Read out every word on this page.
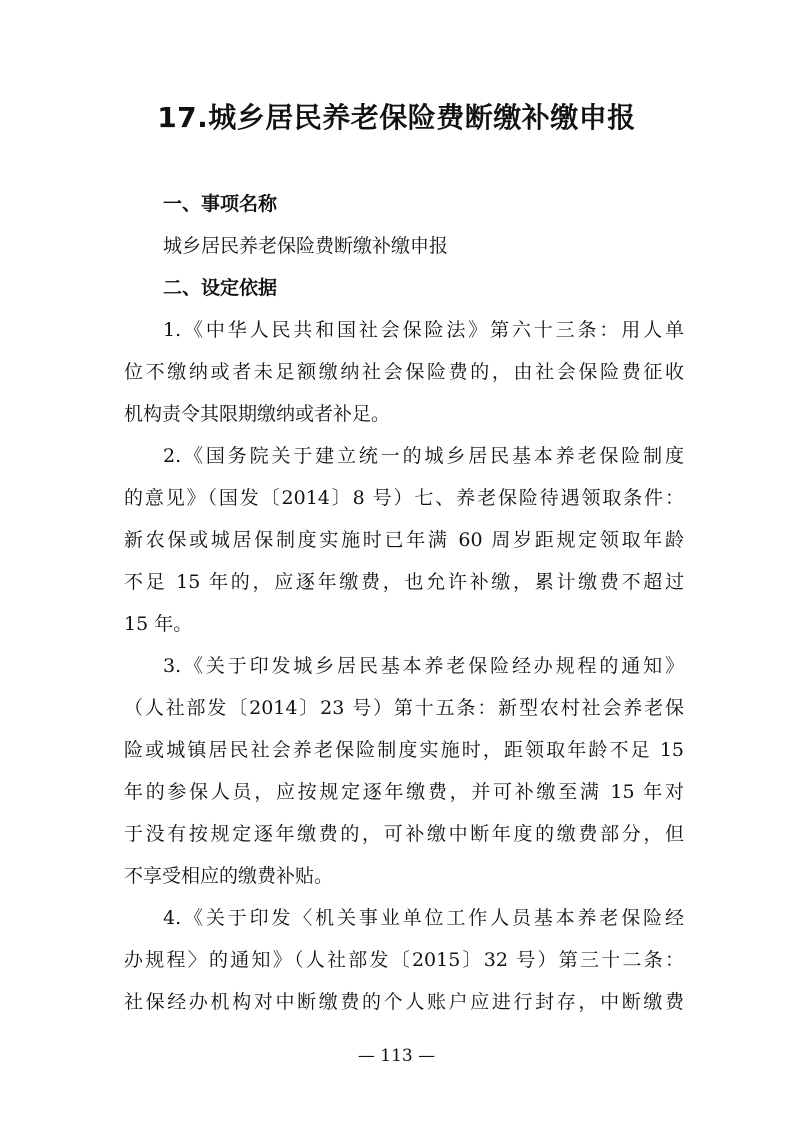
17.城乡居民养老保险费断缴补缴申报
一、事项名称
城乡居民养老保险费断缴补缴申报
二、设定依据
1.《中华人民共和国社会保险法》第六十三条：用人单
位不缴纳或者未足额缴纳社会保险费的，由社会保险费征收
机构责令其限期缴纳或者补足。
2.《国务院关于建立统一的城乡居民基本养老保险制度
的意见》（国发〔2014〕8 号）七、养老保险待遇领取条件：
新农保或城居保制度实施时已年满 60 周岁距规定领取年龄
不足 15 年的，应逐年缴费，也允许补缴，累计缴费不超过
15 年。
3.《关于印发城乡居民基本养老保险经办规程的通知》
（人社部发〔2014〕23 号）第十五条：新型农村社会养老保
险或城镇居民社会养老保险制度实施时，距领取年龄不足 15
年的参保人员，应按规定逐年缴费，并可补缴至满 15 年对
于没有按规定逐年缴费的，可补缴中断年度的缴费部分，但
不享受相应的缴费补贴。
4.《关于印发〈机关事业单位工作人员基本养老保险经
办规程〉的通知》（人社部发〔2015〕32 号）第三十二条：
社保经办机构对中断缴费的个人账户应进行封存，中断缴费
— 113 —
